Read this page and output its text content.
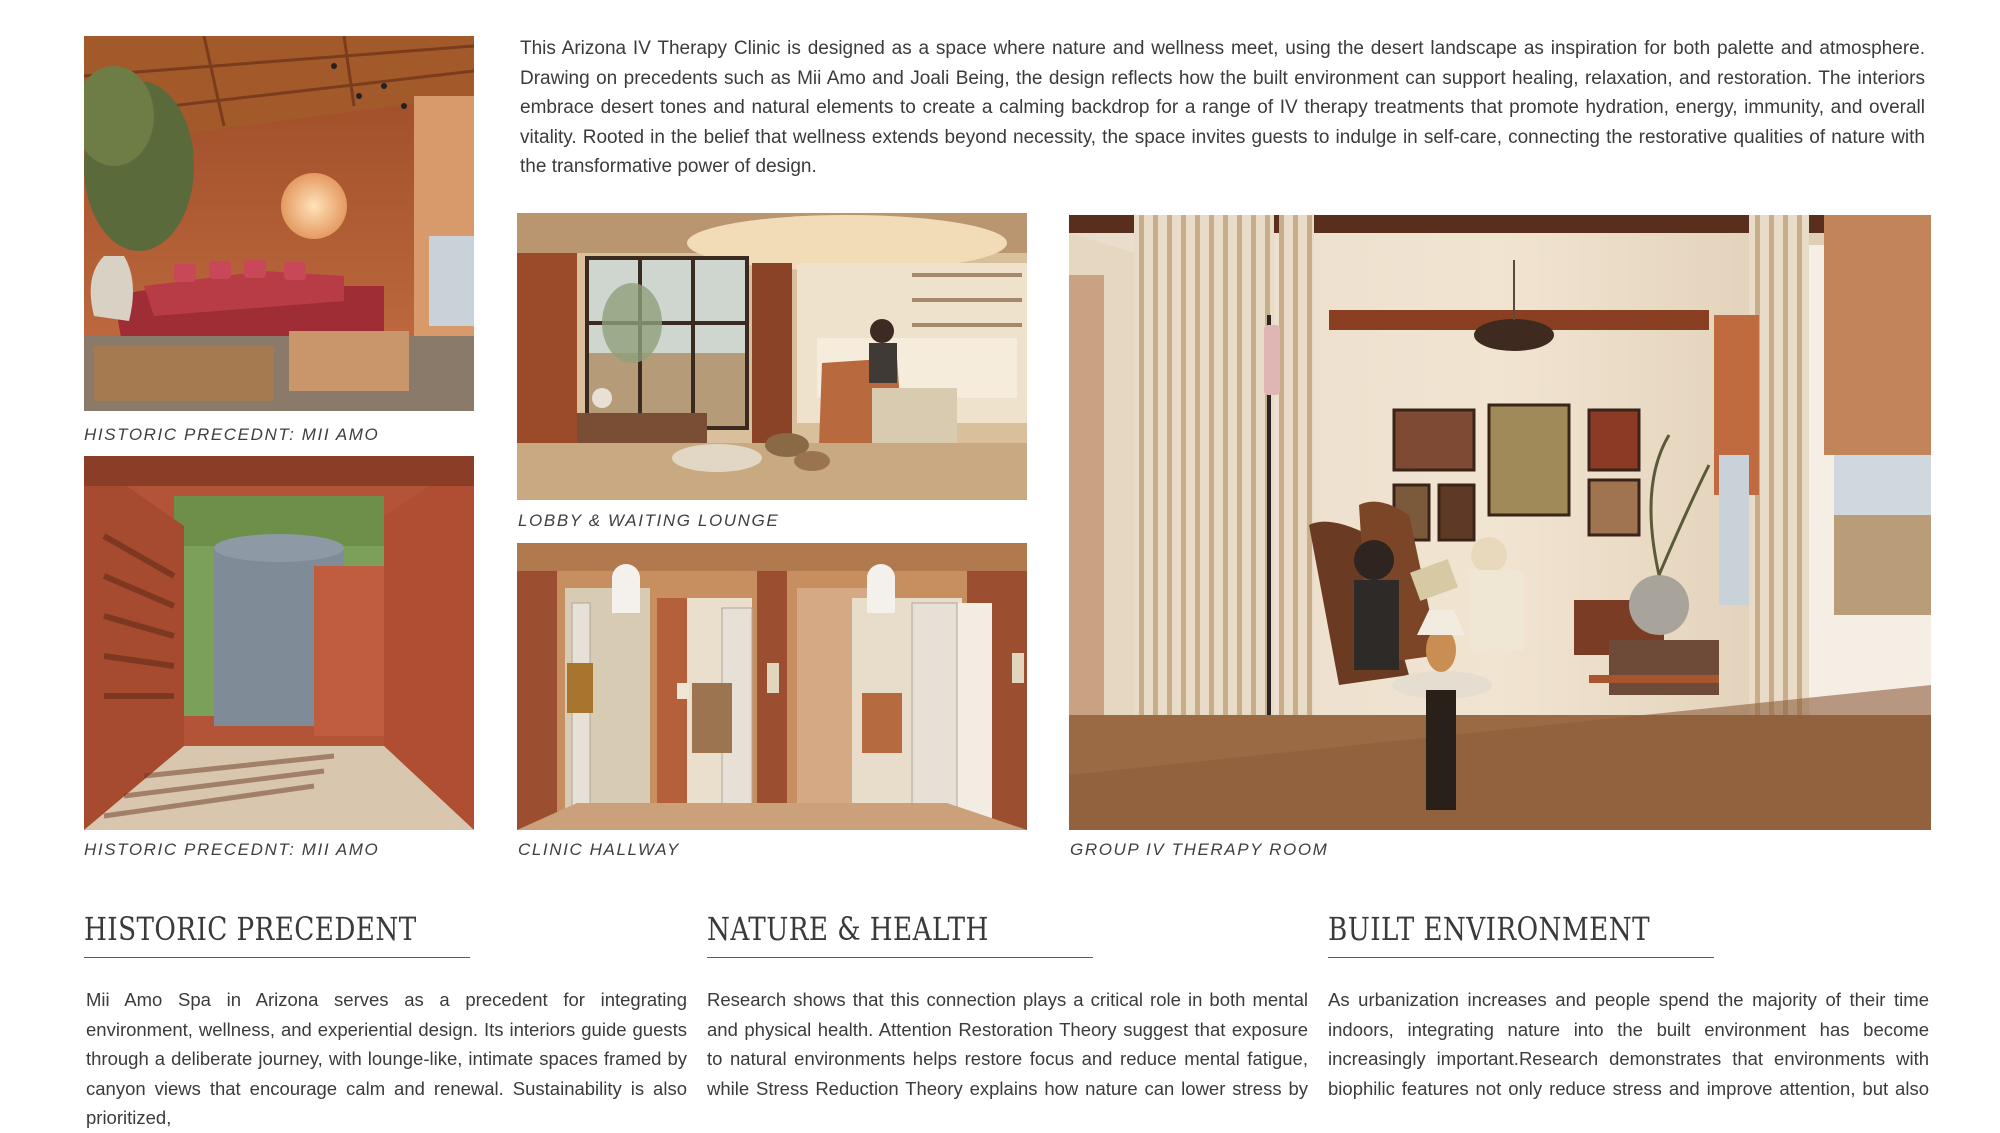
This Arizona IV Therapy Clinic is designed as a space where nature and wellness meet, using the desert landscape as inspiration for both palette and atmosphere. Drawing on precedents such as Mii Amo and Joali Being, the design reflects how the built environment can support healing, relaxation, and restoration. The interiors embrace desert tones and natural elements to create a calming backdrop for a range of IV therapy treatments that promote hydration, energy, immunity, and overall vitality. Rooted in the belief that wellness extends beyond necessity, the space invites guests to indulge in self-care, connecting the restorative qualities of nature with the transformative power of design.
HISTORIC PRECEDNT: MII AMO
HISTORIC PRECEDNT: MII AMO
LOBBY & WAITING LOUNGE
CLINIC HALLWAY	GROUP IV THERAPY ROOM
HISTORIC PRECEDENT
Mii Amo Spa in Arizona serves as a precedent for integrating environment, wellness, and experiential design. Its interiors guide guests through a deliberate journey, with lounge-like, intimate spaces framed by canyon views that encourage calm and renewal. Sustainability is also prioritized,
NATURE & HEALTH
Research shows that this connection plays a critical role in both mental and physical health. Attention Restoration Theory suggest that exposure to natural environments helps restore focus and reduce mental fatigue, while Stress Reduction Theory explains how nature can lower stress by
BUILT ENVIRONMENT
As urbanization increases and people spend the majority of their time indoors, integrating nature into the built environment has become increasingly important.Research demonstrates that environments with biophilic features not only reduce stress and improve attention, but also
